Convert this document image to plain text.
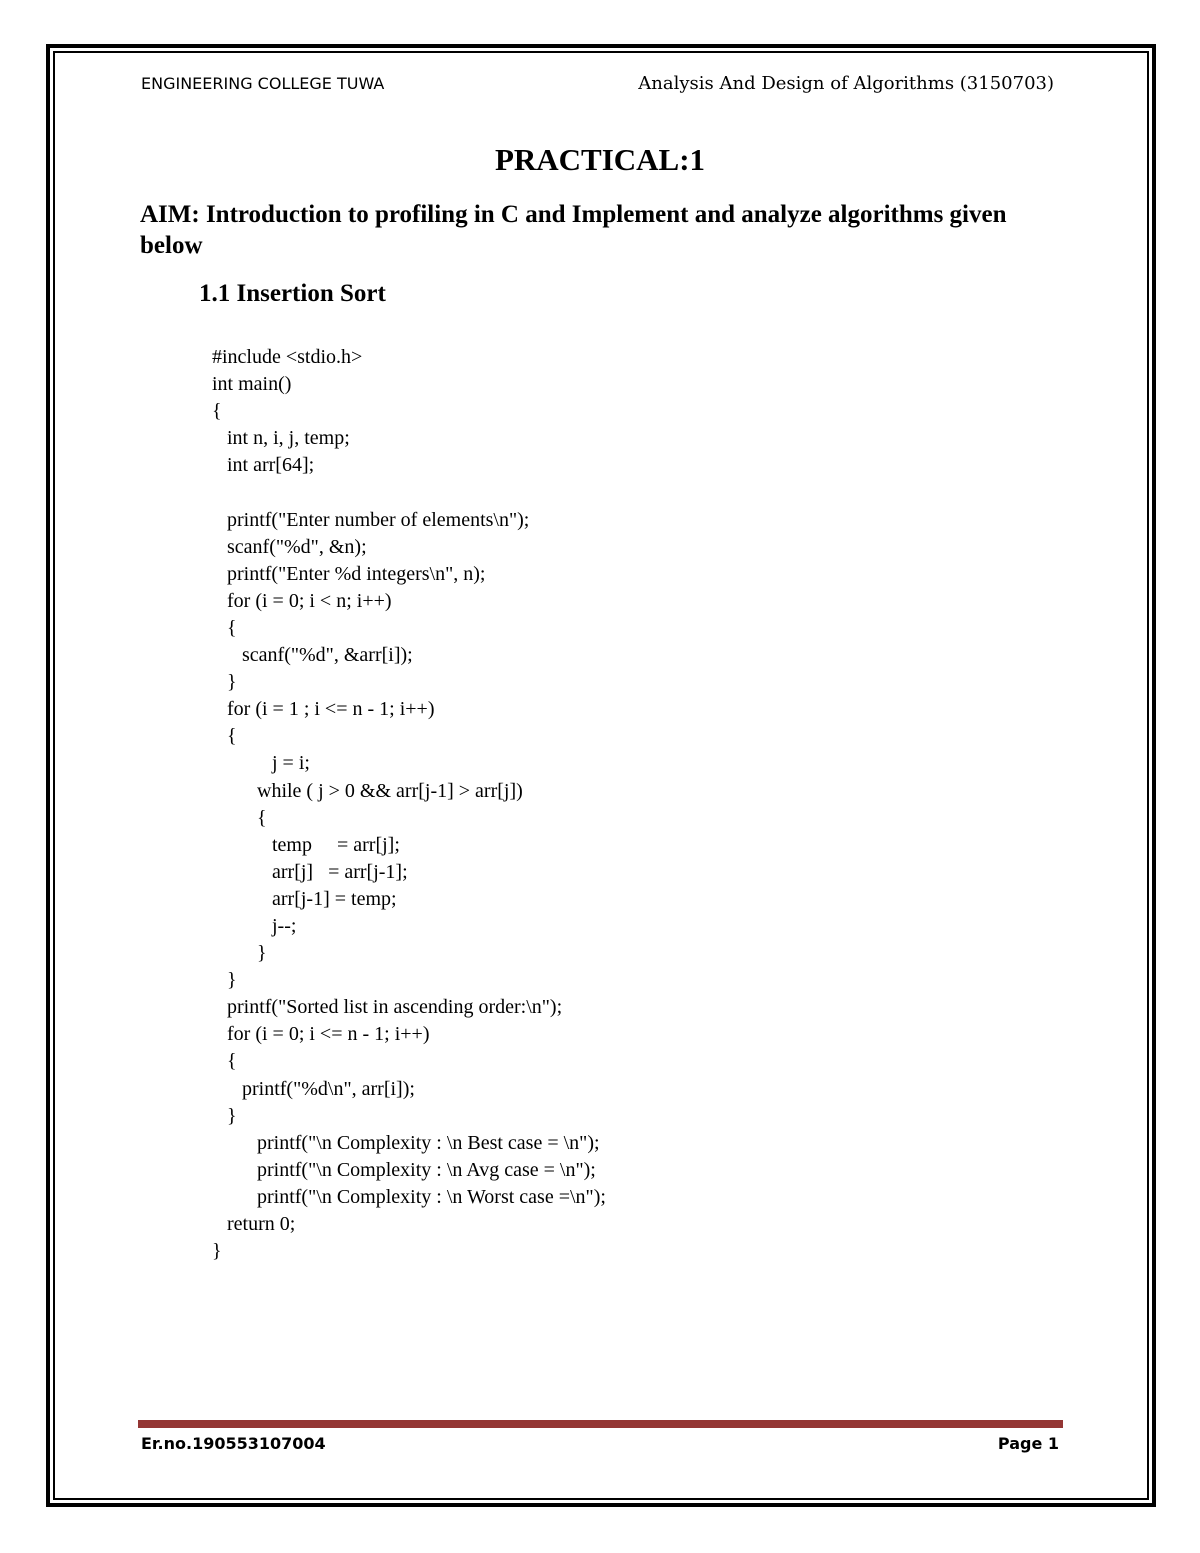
ENGINEERING COLLEGE TUWA	Analysis And Design of Algorithms (3150703)
PRACTICAL:1
AIM: Introduction to profiling in C and Implement and analyze algorithms given below
1.1 Insertion Sort
#include <stdio.h>
int main()
{
int n, i, j, temp;
int arr[64];

printf("Enter number of elements\n");
scanf("%d", &n);
printf("Enter %d integers\n", n);
for (i = 0; i < n; i++)
{
scanf("%d", &arr[i]);
}
for (i = 1 ; i <= n - 1; i++)
{
j = i;
while ( j > 0 && arr[j-1] > arr[j])
{
temp     = arr[j];
arr[j]   = arr[j-1];
arr[j-1] = temp;
j--;
}
}
printf("Sorted list in ascending order:\n");
for (i = 0; i <= n - 1; i++)
{
printf("%d\n", arr[i]);
}
printf("\n Complexity : \n Best case = \n");
printf("\n Complexity : \n Avg case = \n");
printf("\n Complexity : \n Worst case =\n");
return 0;
}
Er.no.190553107004	Page 1
